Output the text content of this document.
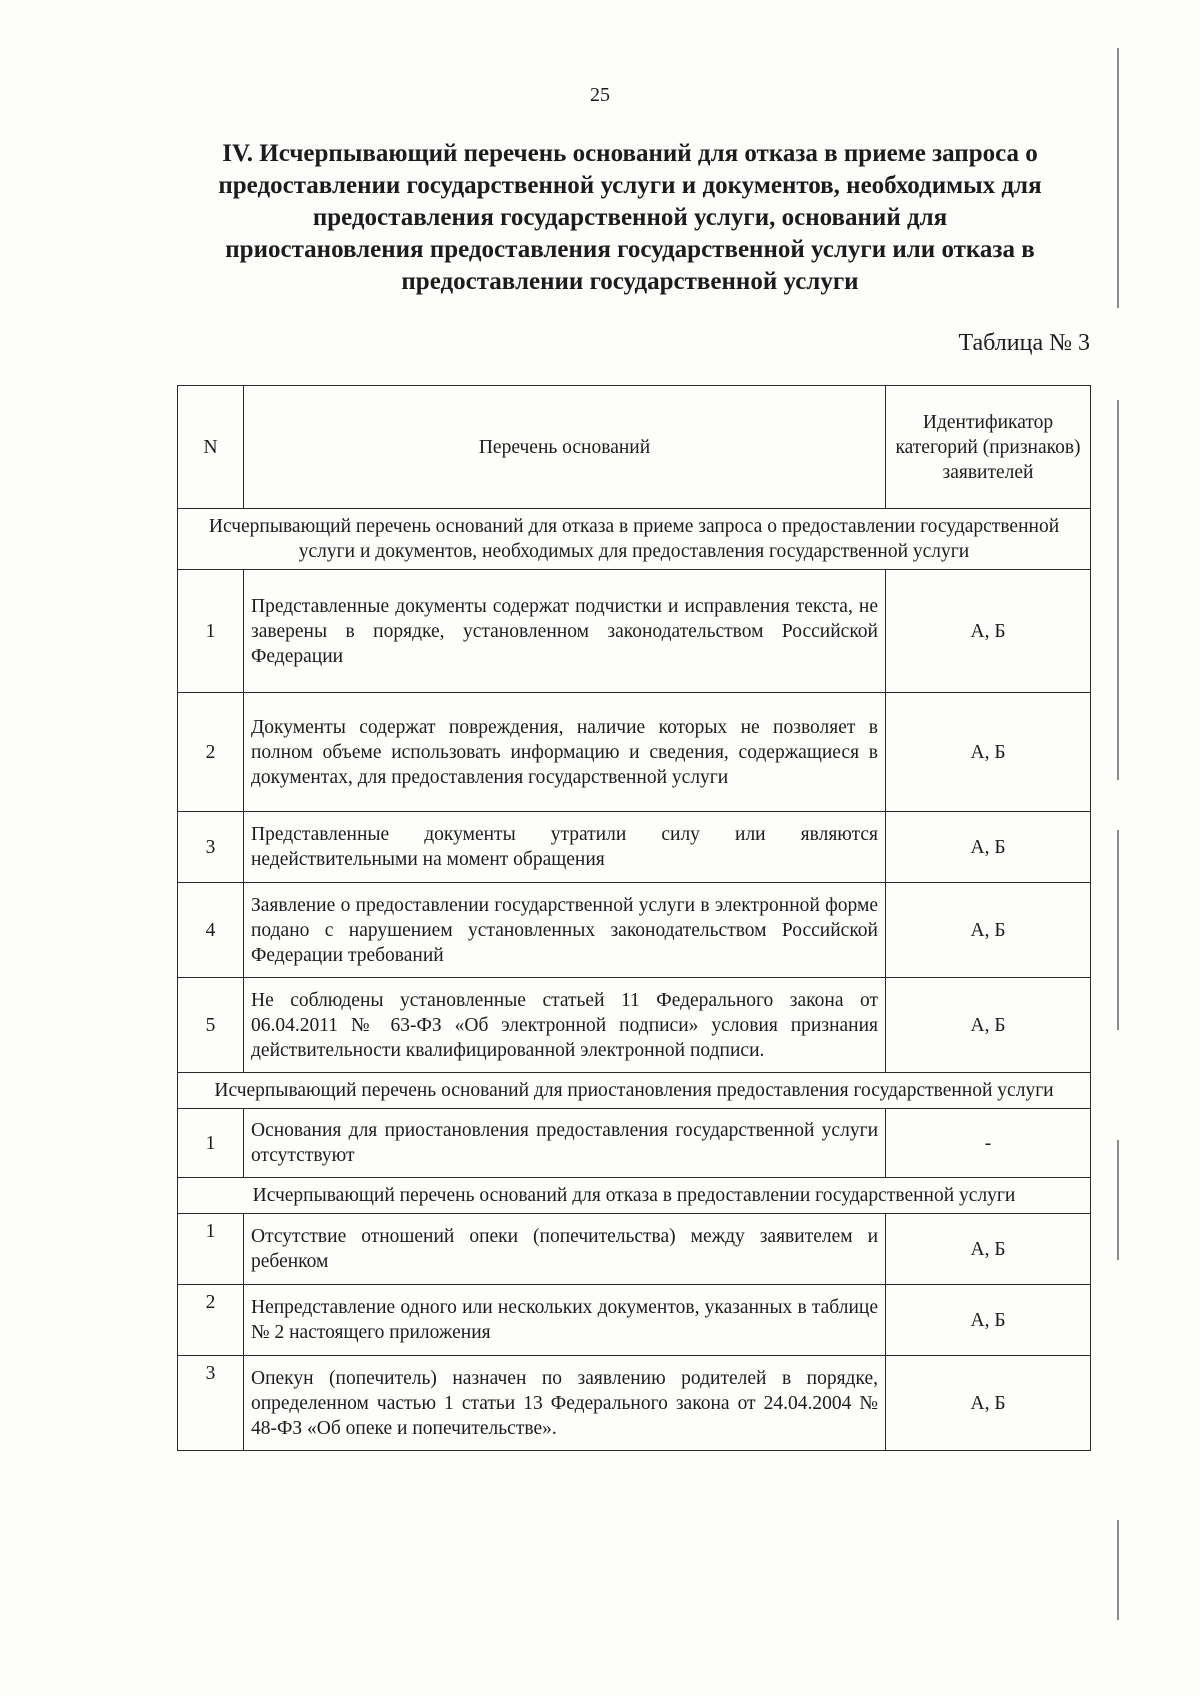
25
IV. Исчерпывающий перечень оснований для отказа в приеме запроса о
предоставлении государственной услуги и документов, необходимых для
предоставления государственной услуги, оснований для
приостановления предоставления государственной услуги или отказа в
предоставлении государственной услуги
Таблица № 3
N	Перечень оснований	Идентификатор категорий (признаков) заявителей
Исчерпывающий перечень оснований для отказа в приеме запроса о предоставлении государственной услуги и документов, необходимых для предоставления государственной услуги		
1	Представленные документы содержат подчистки и исправления текста, не заверены в порядке, установленном законодательством Российской Федерации	А, Б
2	Документы содержат повреждения, наличие которых не позволяет в полном объеме использовать информацию и сведения, содержащиеся в документах, для предоставления государственной услуги	А, Б
3	Представленные документы утратили силу или являются недействительными на момент обращения	А, Б
4	Заявление о предоставлении государственной услуги в электронной форме подано с нарушением установленных законодательством Российской Федерации требований	А, Б
5	Не соблюдены установленные статьей 11 Федерального закона от 06.04.2011 № 63-ФЗ «Об электронной подписи» условия признания действительности квалифицированной электронной подписи.	А, Б
Исчерпывающий перечень оснований для приостановления предоставления государственной услуги		
1	Основания для приостановления предоставления государственной услуги отсутствуют	-
Исчерпывающий перечень оснований для отказа в предоставлении государственной услуги		
1	Отсутствие отношений опеки (попечительства) между заявителем и ребенком	А, Б
2	Непредставление одного или нескольких документов, указанных в таблице № 2 настоящего приложения	А, Б
3	Опекун (попечитель) назначен по заявлению родителей в порядке, определенном частью 1 статьи 13 Федерального закона от 24.04.2004 № 48-ФЗ «Об опеке и попечительстве».	А, Б
